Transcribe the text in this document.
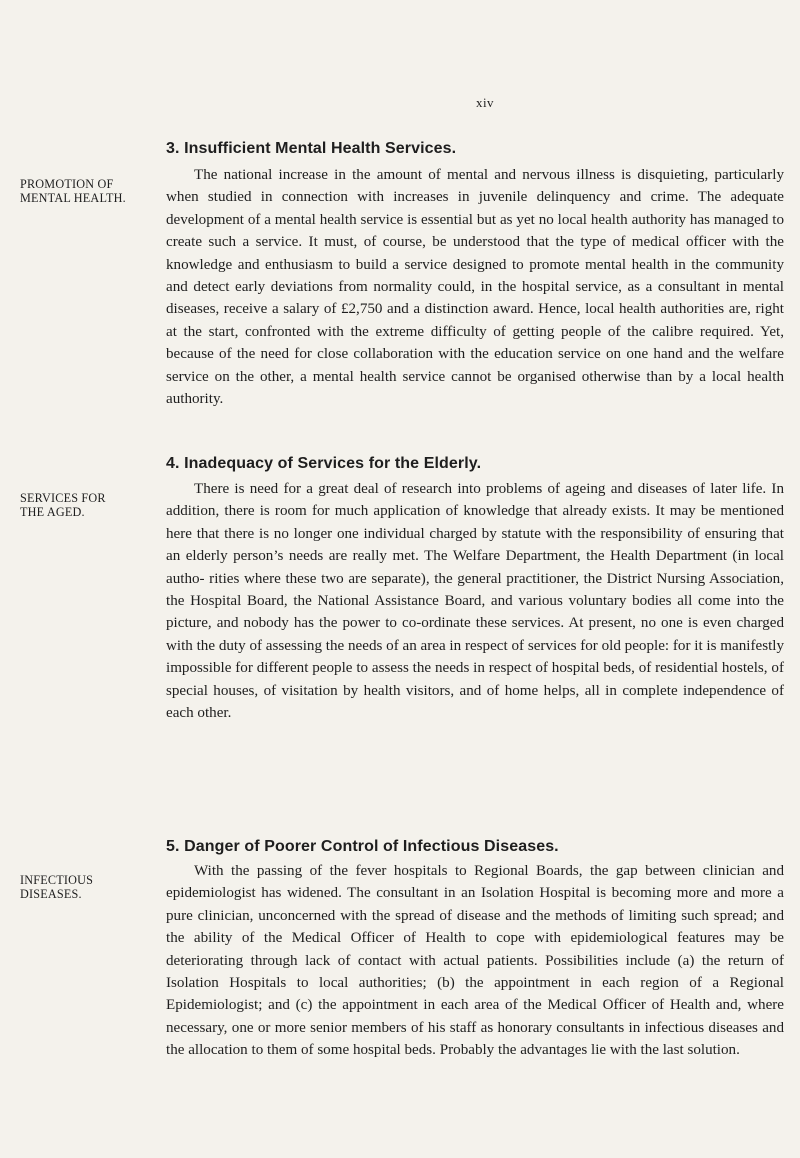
xiv
3. Insufficient Mental Health Services.
PROMOTION OF MENTAL HEALTH.

The national increase in the amount of mental and nervous illness is disquieting, particularly when studied in connection with increases in juvenile delinquency and crime. The adequate development of a mental health service is essential but as yet no local health authority has managed to create such a service. It must, of course, be understood that the type of medical officer with the knowledge and enthusiasm to build a service designed to promote mental health in the community and detect early deviations from normality could, in the hospital service, as a consultant in mental diseases, receive a salary of £2,750 and a distinction award. Hence, local health authorities are, right at the start, confronted with the extreme difficulty of getting people of the calibre required. Yet, because of the need for close collaboration with the education service on one hand and the welfare service on the other, a mental health service cannot be organised otherwise than by a local health authority.

4. Inadequacy of Services for the Elderly.
SERVICES FOR THE AGED.

There is need for a great deal of research into problems of ageing and diseases of later life. In addition, there is room for much application of knowledge that already exists. It may be mentioned here that there is no longer one individual charged by statute with the responsibility of ensuring that an elderly person’s needs are really met. The Welfare Department, the Health Department (in local autho- rities where these two are separate), the general practitioner, the District Nursing Association, the Hospital Board, the National Assistance Board, and various voluntary bodies all come into the picture, and nobody has the power to co-ordinate these services. At present, no one is even charged with the duty of assessing the needs of an area in respect of services for old people: for it is manifestly impossible for different people to assess the needs in respect of hospital beds, of residential hostels, of special houses, of visitation by health visitors, and of home helps, all in complete independence of each other.

5. Danger of Poorer Control of Infectious Diseases.
INFECTIOUS DISEASES.

With the passing of the fever hospitals to Regional Boards, the gap between clinician and epidemiologist has widened. The consultant in an Isolation Hospital is becoming more and more a pure clinician, unconcerned with the spread of disease and the methods of limiting such spread; and the ability of the Medical Officer of Health to cope with epidemiological features may be deteriorating through lack of contact with actual patients. Possibilities include (a) the return of Isolation Hospitals to local authorities; (b) the appointment in each region of a Regional Epidemiologist; and (c) the appointment in each area of the Medical Officer of Health and, where necessary, one or more senior members of his staff as honorary consultants in infectious diseases and the allocation to them of some hospital beds. Probably the advantages lie with the last solution.
